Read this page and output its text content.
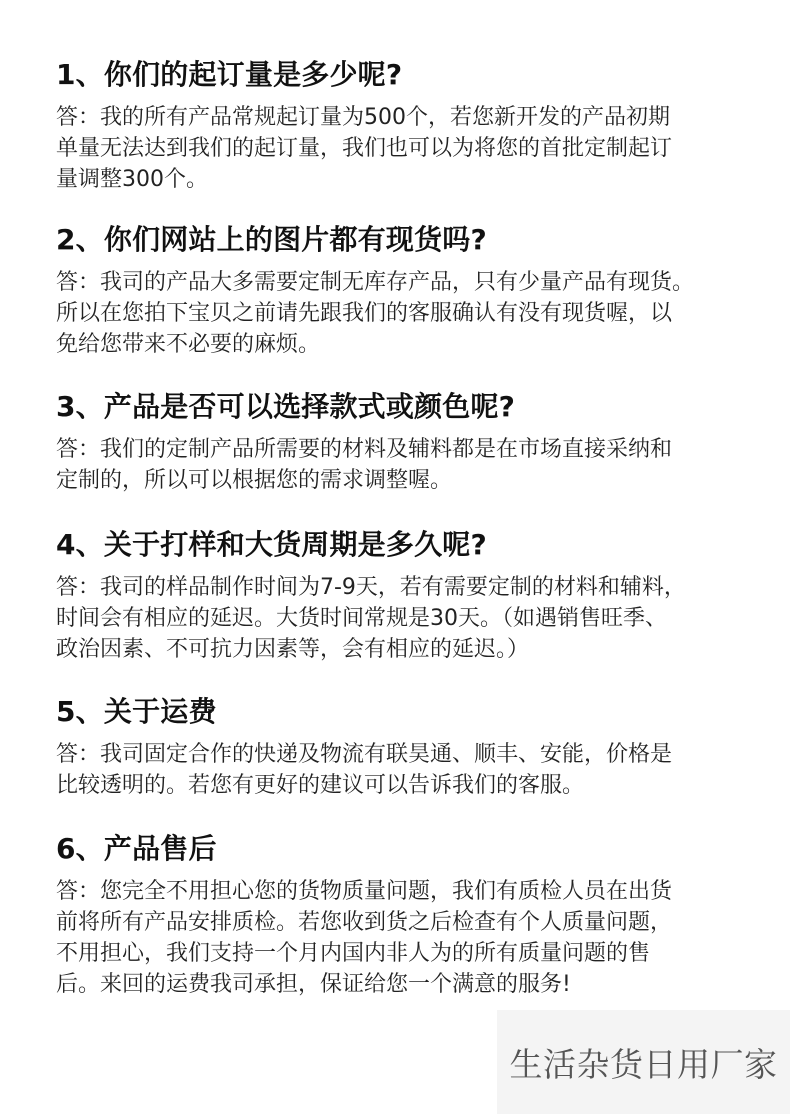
1、你们的起订量是多少呢?

答：我的所有产品常规起订量为500个，若您新开发的产品初期
单量无法达到我们的起订量，我们也可以为将您的首批定制起订
量调整300个。

2、你们网站上的图片都有现货吗?

答：我司的产品大多需要定制无库存产品，只有少量产品有现货。
所以在您拍下宝贝之前请先跟我们的客服确认有没有现货喔，以
免给您带来不必要的麻烦。

3、产品是否可以选择款式或颜色呢?

答：我们的定制产品所需要的材料及辅料都是在市场直接采纳和
定制的，所以可以根据您的需求调整喔。

4、关于打样和大货周期是多久呢?

答：我司的样品制作时间为7-9天，若有需要定制的材料和辅料，
时间会有相应的延迟。大货时间常规是30天。（如遇销售旺季、
政治因素、不可抗力因素等，会有相应的延迟。）

5、关于运费

答：我司固定合作的快递及物流有联昊通、顺丰、安能，价格是
比较透明的。若您有更好的建议可以告诉我们的客服。

6、产品售后

答：您完全不用担心您的货物质量问题，我们有质检人员在出货
前将所有产品安排质检。若您收到货之后检查有个人质量问题，
不用担心，我们支持一个月内国内非人为的所有质量问题的售
后。来回的运费我司承担，保证给您一个满意的服务!

生活杂货日用厂家
